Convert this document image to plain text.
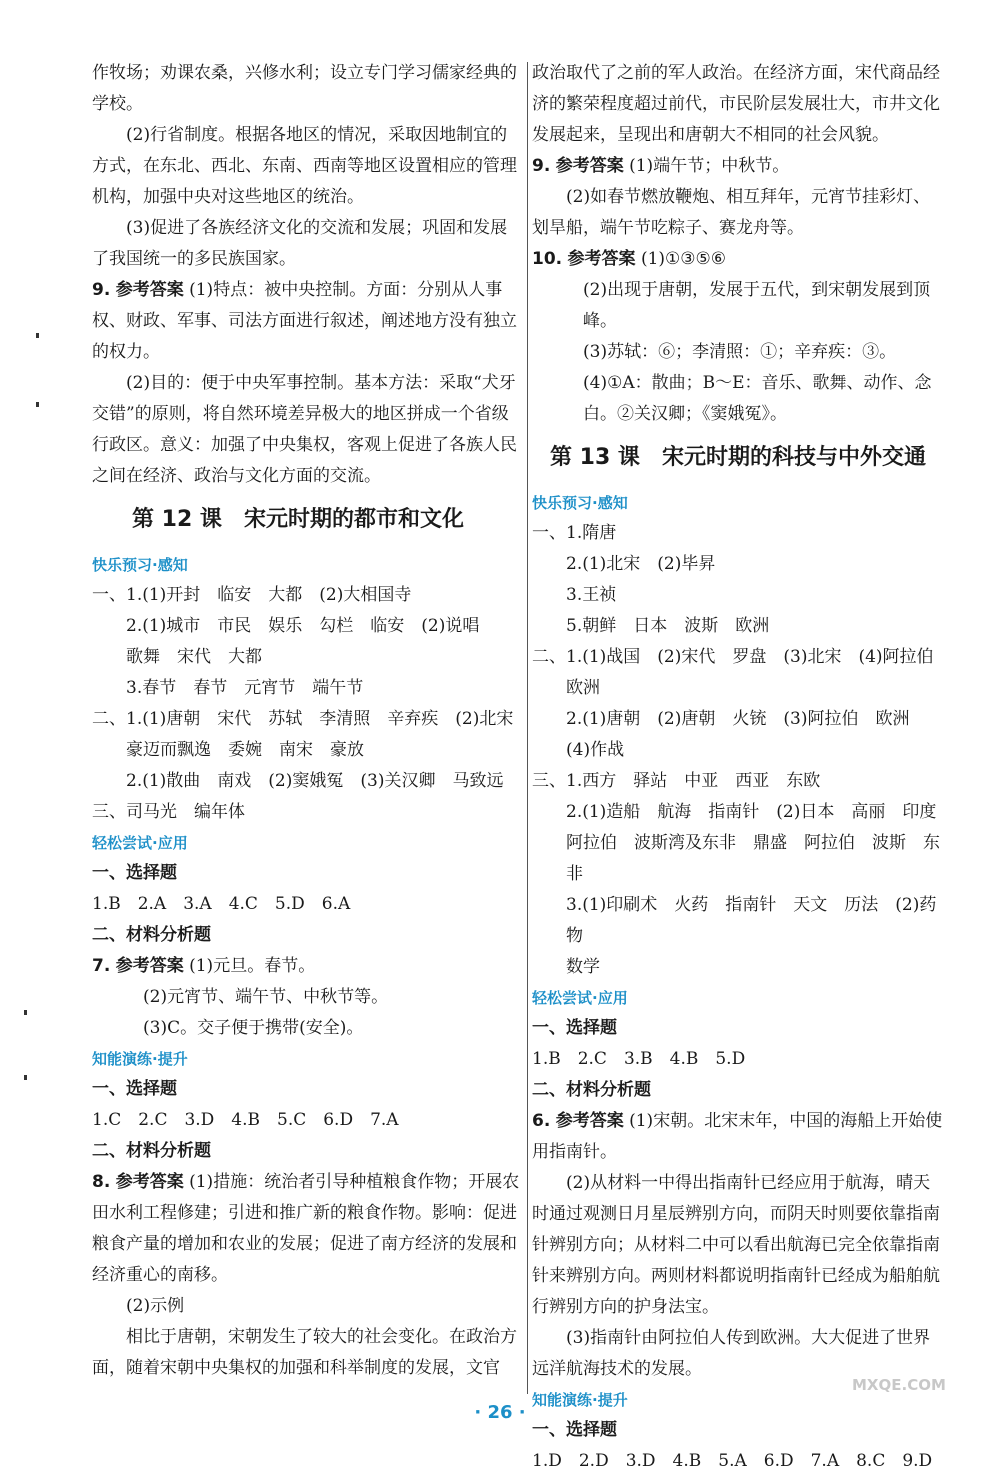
作牧场；劝课农桑，兴修水利；设立专门学习儒家经典的
学校。
(2)行省制度。根据各地区的情况，采取因地制宜的方式，在东北、西北、东南、西南等地区设置相应的管理机构，加强中央对这些地区的统治。
(3)促进了各族经济文化的交流和发展；巩固和发展了我国统一的多民族国家。
9. 参考答案 (1)特点：被中央控制。方面：分别从人事权、财政、军事、司法方面进行叙述，阐述地方没有独立的权力。
(2)目的：便于中央军事控制。基本方法：采取“犬牙交错”的原则，将自然环境差异极大的地区拼成一个省级行政区。意义：加强了中央集权，客观上促进了各族人民之间在经济、政治与文化方面的交流。
第 12 课 宋元时期的都市和文化
快乐预习·感知
一、1.(1)开封　临安　大都　(2)大相国寺
2.(1)城市　市民　娱乐　勾栏　临安　(2)说唱
歌舞　宋代　大都
3.春节　春节　元宵节　端午节
二、1.(1)唐朝　宋代　苏轼　李清照　辛弃疾　(2)北宋
豪迈而飘逸　委婉　南宋　豪放
2.(1)散曲　南戏　(2)窦娥冤　(3)关汉卿　马致远
三、司马光　编年体
轻松尝试·应用
一、选择题
1.B　2.A　3.A　4.C　5.D　6.A
二、材料分析题
7. 参考答案 (1)元旦。春节。
(2)元宵节、端午节、中秋节等。
(3)C。交子便于携带(安全)。
知能演练·提升
一、选择题
1.C　2.C　3.D　4.B　5.C　6.D　7.A
二、材料分析题
8. 参考答案 (1)措施：统治者引导种植粮食作物；开展农田水利工程修建；引进和推广新的粮食作物。影响：促进粮食产量的增加和农业的发展；促进了南方经济的发展和经济重心的南移。
(2)示例
相比于唐朝，宋朝发生了较大的社会变化。在政治方面，随着宋朝中央集权的加强和科举制度的发展，文官
政治取代了之前的军人政治。在经济方面，宋代商品经济的繁荣程度超过前代，市民阶层发展壮大，市井文化发展起来，呈现出和唐朝大不相同的社会风貌。
9. 参考答案 (1)端午节；中秋节。
(2)如春节燃放鞭炮、相互拜年，元宵节挂彩灯、划旱船，端午节吃粽子、赛龙舟等。
10. 参考答案 (1)①③⑤⑥
(2)出现于唐朝，发展于五代，到宋朝发展到顶峰。
(3)苏轼：⑥；李清照：①；辛弃疾：③。
(4)①A：散曲；B～E：音乐、歌舞、动作、念白。②关汉卿；《窦娥冤》。
第 13 课 宋元时期的科技与中外交通
快乐预习·感知
一、1.隋唐
2.(1)北宋　(2)毕昇
3.王祯
5.朝鲜　日本　波斯　欧洲
二、1.(1)战国　(2)宋代　罗盘　(3)北宋　(4)阿拉伯
欧洲
2.(1)唐朝　(2)唐朝　火铳　(3)阿拉伯　欧洲
(4)作战
三、1.西方　驿站　中亚　西亚　东欧
2.(1)造船　航海　指南针　(2)日本　高丽　印度
阿拉伯　波斯湾及东非　鼎盛　阿拉伯　波斯　东非
3.(1)印刷术　火药　指南针　天文　历法　(2)药物
数学
轻松尝试·应用
一、选择题
1.B　2.C　3.B　4.B　5.D
二、材料分析题
6. 参考答案 (1)宋朝。北宋末年，中国的海船上开始使用指南针。
(2)从材料一中得出指南针已经应用于航海，晴天时通过观测日月星辰辨别方向，而阴天时则要依靠指南针辨别方向；从材料二中可以看出航海已完全依靠指南针来辨别方向。两则材料都说明指南针已经成为船舶航行辨别方向的护身法宝。
(3)指南针由阿拉伯人传到欧洲。大大促进了世界远洋航海技术的发展。
知能演练·提升
一、选择题
1.D　2.D　3.D　4.B　5.A　6.D　7.A　8.C　9.D
MXQE.COM
· 26 ·
